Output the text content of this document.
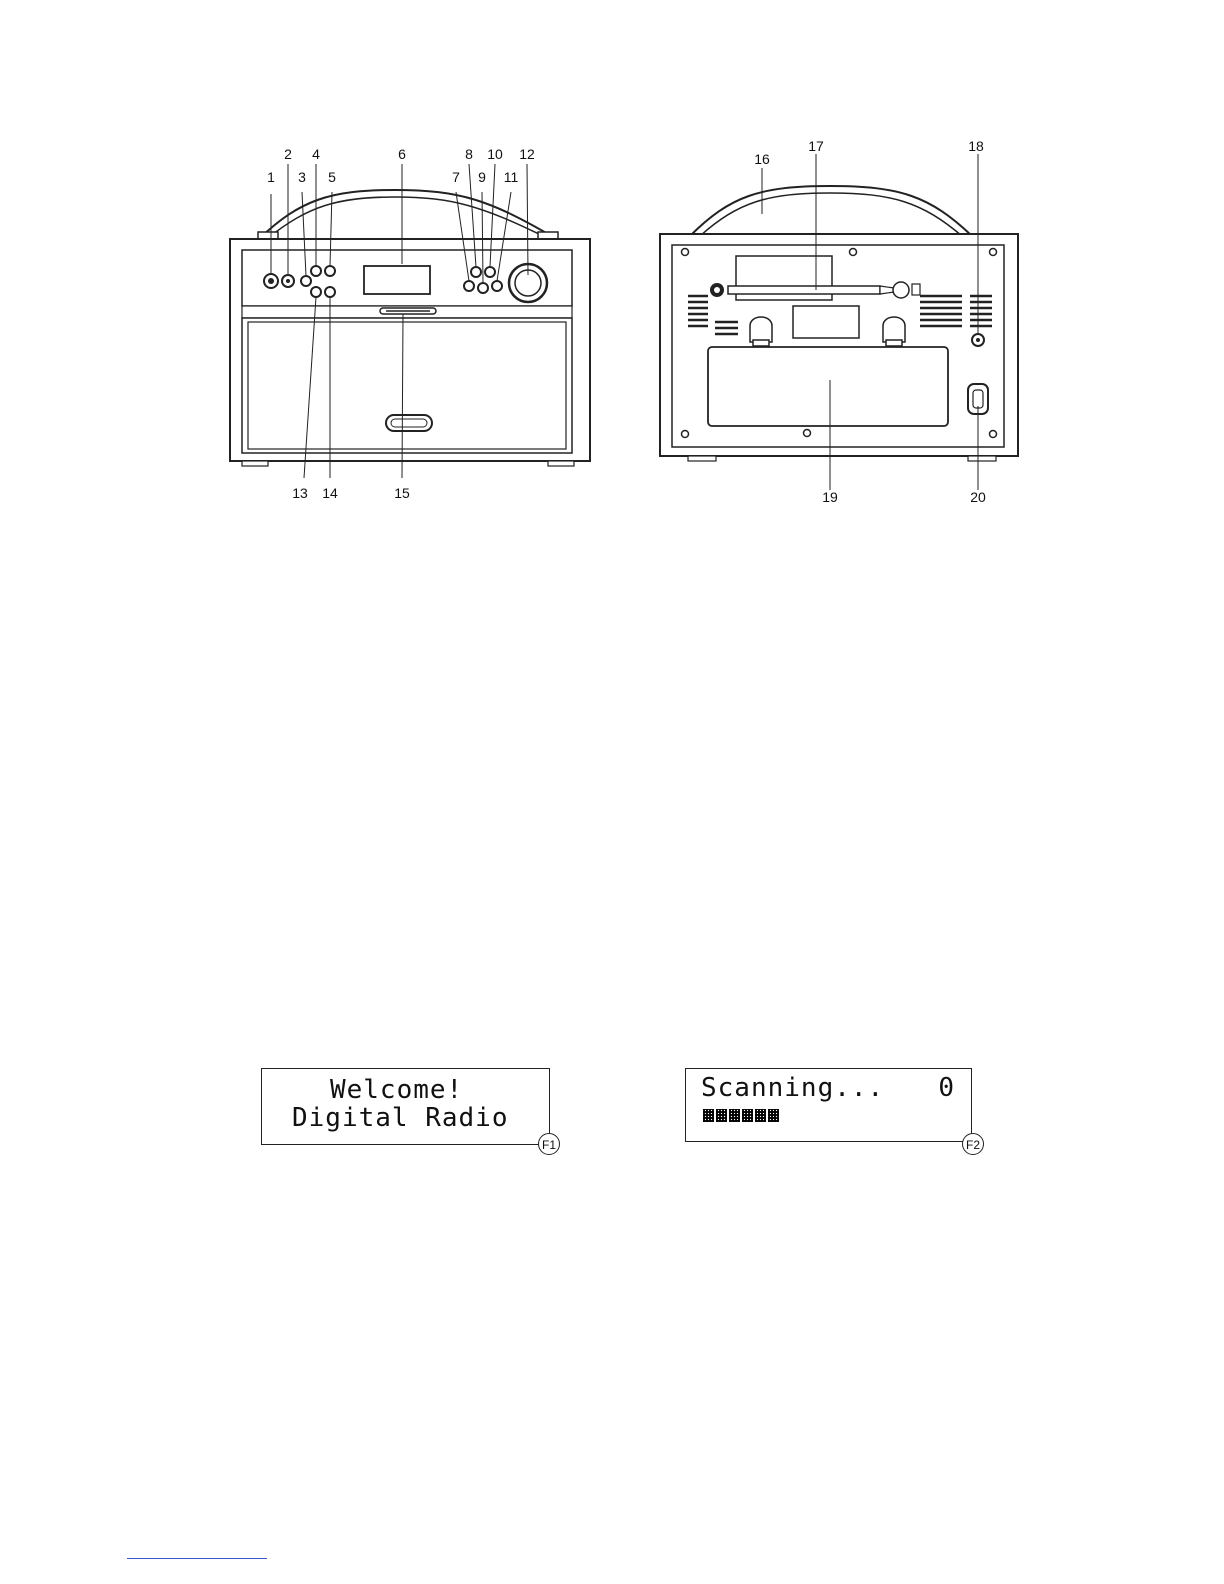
2	4	6	8	10	12
1	3	5	7	9	11
13	14	15
16
17	18
19	20
Welcome!
Digital Radio
F1
Scanning... 0
F2
